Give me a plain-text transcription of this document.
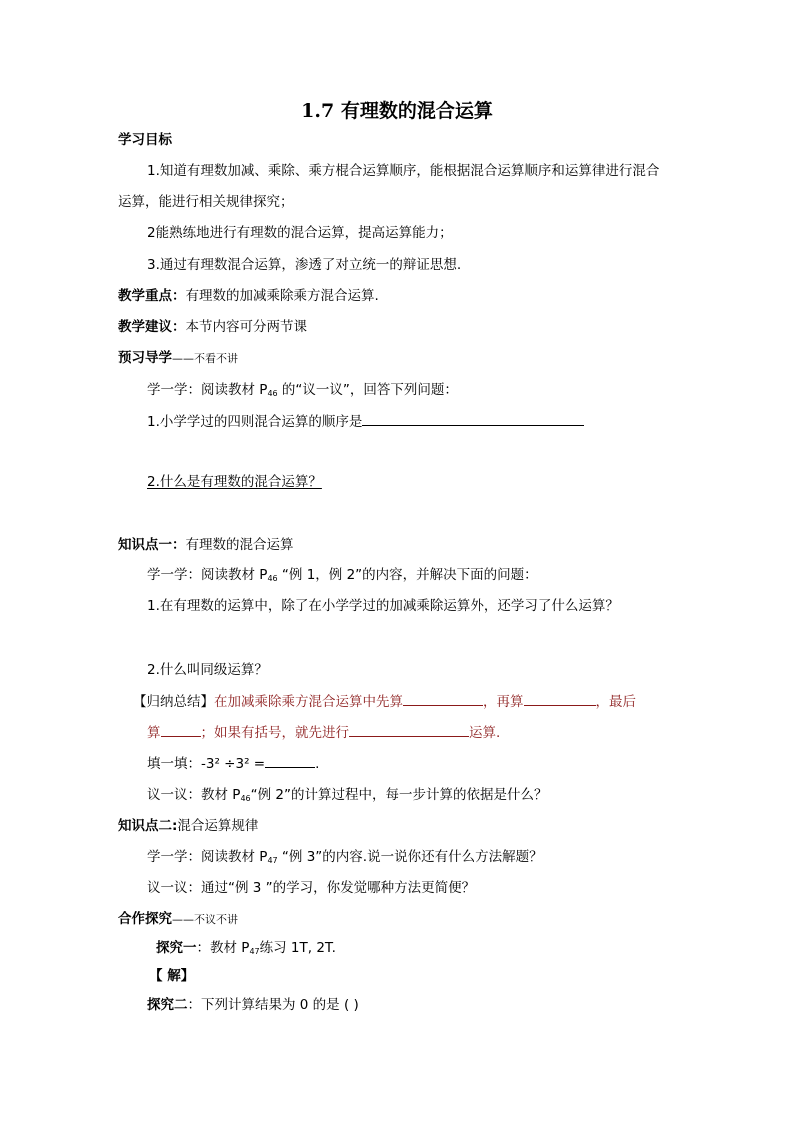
1.7 有理数的混合运算
学习目标
1.知道有理数加减、乘除、乘方棍合运算顺序，能根据混合运算顺序和运算律进行混合
运算，能进行相关规律探究；
2能熟练地进行有理数的混合运算，提高运算能力；
3.通过有理数混合运算，渗透了对立统一的辩证思想.
教学重点：有理数的加减乘除乘方混合运算.
教学建议：本节内容可分两节课
预习导学——不看不讲
学一学：阅读教材 $P_{46}$ 的“议一议”，回答下列问题：
1.小学学过的四则混合运算的顺序是
2.什么是有理数的混合运算？
知识点一：有理数的混合运算
学一学：阅读教材 $P_{46}$ “例 1，例 2”的内容，并解决下面的问题：
1.在有理数的运算中，除了在小学学过的加减乘除运算外，还学习了什么运算？
2.什么叫同级运算？
【归纳总结】在加减乘除乘方混合运算中先算	，再算	，最后
算	；如果有括号，就先进行	运算.
填一填：-3² ÷3² =	.
议一议：教材 $P_{46}“$例 2”的计算过程中，每一步计算的依据是什么？
知识点二:混合运算规律
学一学：阅读教材 $P_{47}$ “例 3”的内容.说一说你还有什么方法解题？
议一议：通过“例 3 ”的学习，你发觉哪种方法更简便？
合作探究——不议不讲
探究一：教材 $P_{47}$练习 1T, 2T.
【 解】
探究二：下列计算结果为 0 的是 ( )
